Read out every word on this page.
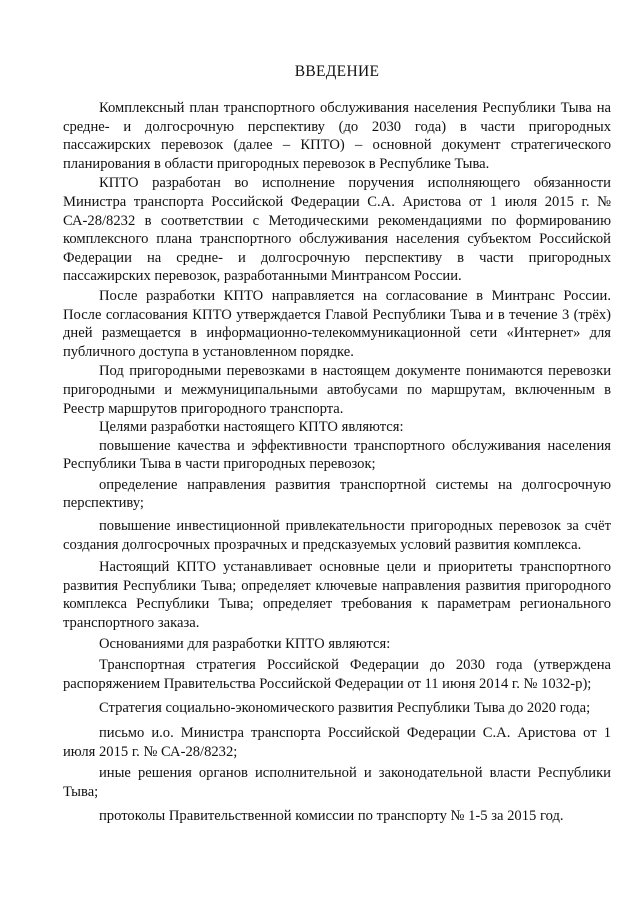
ВВЕДЕНИЕ

Комплексный план транспортного обслуживания населения Республики Тыва на средне- и долгосрочную перспективу (до 2030 года) в части пригородных пассажирских перевозок (далее – КПТО) – основной документ стратегического планирования в области пригородных перевозок в Республике Тыва.

КПТО разработан во исполнение поручения исполняющего обязанности Министра транспорта Российской Федерации С.А. Аристова от 1 июля 2015 г. № СА-28/8232 в соответствии с Методическими рекомендациями по формированию комплексного плана транспортного обслуживания населения субъектом Российской Федерации на средне- и долгосрочную перспективу в части пригородных пассажирских перевозок, разработанными Минтрансом России.

После разработки КПТО направляется на согласование в Минтранс России. После согласования КПТО утверждается Главой Республики Тыва и в течение 3 (трёх) дней размещается в информационно-телекоммуникационной сети «Интернет» для публичного доступа в установленном порядке.

Под пригородными перевозками в настоящем документе понимаются перевозки пригородными и межмуниципальными автобусами по маршрутам, включенным в Реестр маршрутов пригородного транспорта.

Целями разработки настоящего КПТО являются:

повышение качества и эффективности транспортного обслуживания населения Республики Тыва в части пригородных перевозок;

определение направления развития транспортной системы на долгосрочную перспективу;

повышение инвестиционной привлекательности пригородных перевозок за счёт создания долгосрочных прозрачных и предсказуемых условий развития комплекса.

Настоящий КПТО устанавливает основные цели и приоритеты транспортного развития Республики Тыва; определяет ключевые направления развития пригородного комплекса Республики Тыва; определяет требования к параметрам регионального транспортного заказа.

Основаниями для разработки КПТО являются:

Транспортная стратегия Российской Федерации до 2030 года (утверждена распоряжением Правительства Российской Федерации от 11 июня 2014 г. № 1032-р);

Стратегия социально-экономического развития Республики Тыва до 2020 года;

письмо и.о. Министра транспорта Российской Федерации С.А. Аристова от 1 июля 2015 г. № СА-28/8232;

иные решения органов исполнительной и законодательной власти Республики Тыва;

протоколы Правительственной комиссии по транспорту № 1-5 за 2015 год.
